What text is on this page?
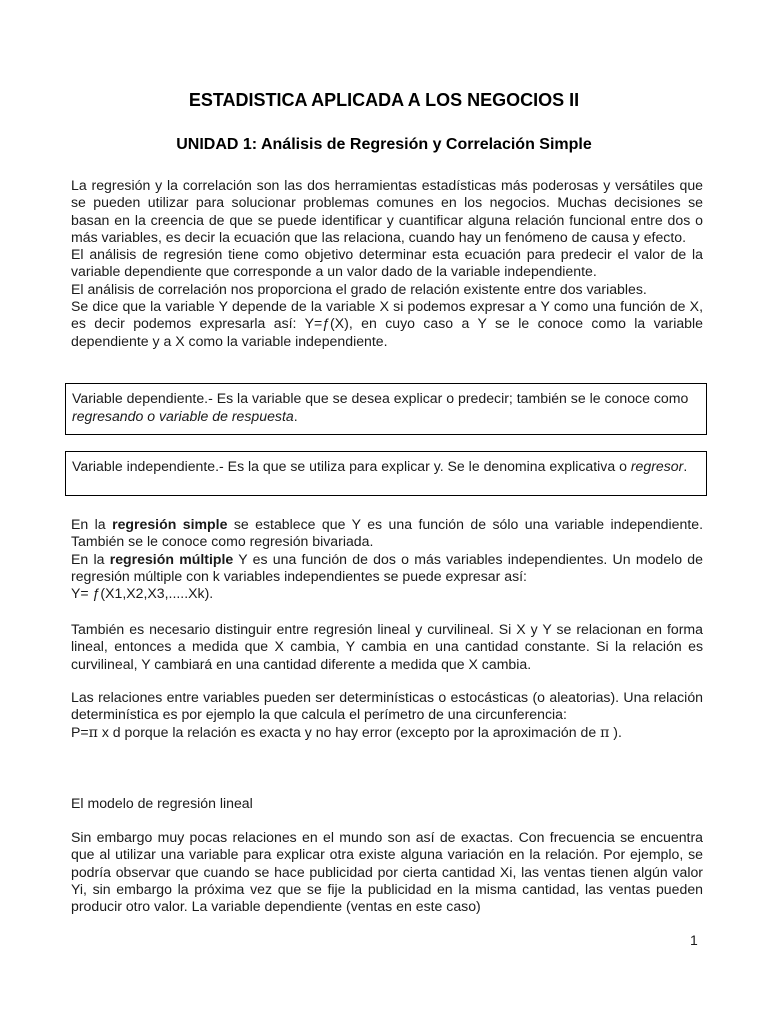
ESTADISTICA APLICADA A LOS NEGOCIOS II
UNIDAD 1: Análisis de Regresión y Correlación Simple

La regresión y la correlación son las dos herramientas estadísticas más poderosas y versátiles que se pueden utilizar para solucionar problemas comunes en los negocios. Muchas decisiones se basan en la creencia de que se puede identificar y cuantificar alguna relación funcional entre dos o más variables, es decir la ecuación que las relaciona, cuando hay un fenómeno de causa y efecto.

El análisis de regresión tiene como objetivo determinar esta ecuación para predecir el valor de la variable dependiente que corresponde a un valor dado de la variable independiente.

El análisis de correlación nos proporciona el grado de relación existente entre dos variables.

Se dice que la variable Y depende de la variable X si podemos expresar a Y como una función de X, es decir podemos expresarla así: Y=ƒ(X), en cuyo caso a Y se le conoce como la variable dependiente y a X como la variable independiente.

Variable dependiente.- Es la variable que se desea explicar o predecir; también se le conoce como regresando o variable de respuesta.
Variable independiente.- Es la que se utiliza para explicar y. Se le denomina explicativa o regresor.

En la regresión simple se establece que Y es una función de sólo una variable independiente. También se le conoce como regresión bivariada.

En la regresión múltiple Y es una función de dos o más variables independientes. Un modelo de regresión múltiple con k variables independientes se puede expresar así:

Y= ƒ(X1,X2,X3,.....Xk).

También es necesario distinguir entre regresión lineal y curvilineal. Si X y Y se relacionan en forma lineal, entonces a medida que X cambia, Y cambia en una cantidad constante. Si la relación es curvilineal, Y cambiará en una cantidad diferente a medida que X cambia.

Las relaciones entre variables pueden ser determinísticas o estocásticas (o aleatorias). Una relación determinística es por ejemplo la que calcula el perímetro de una circunferencia:

P=π x d porque la relación es exacta y no hay error (excepto por la aproximación de π ).

El modelo de regresión lineal

Sin embargo muy pocas relaciones en el mundo son así de exactas. Con frecuencia se encuentra que al utilizar una variable para explicar otra existe alguna variación en la relación. Por ejemplo, se podría observar que cuando se hace publicidad por cierta cantidad Xi, las ventas tienen algún valor Yi, sin embargo la próxima vez que se fije la publicidad en la misma cantidad, las ventas pueden producir otro valor. La variable dependiente (ventas en este caso)

1
